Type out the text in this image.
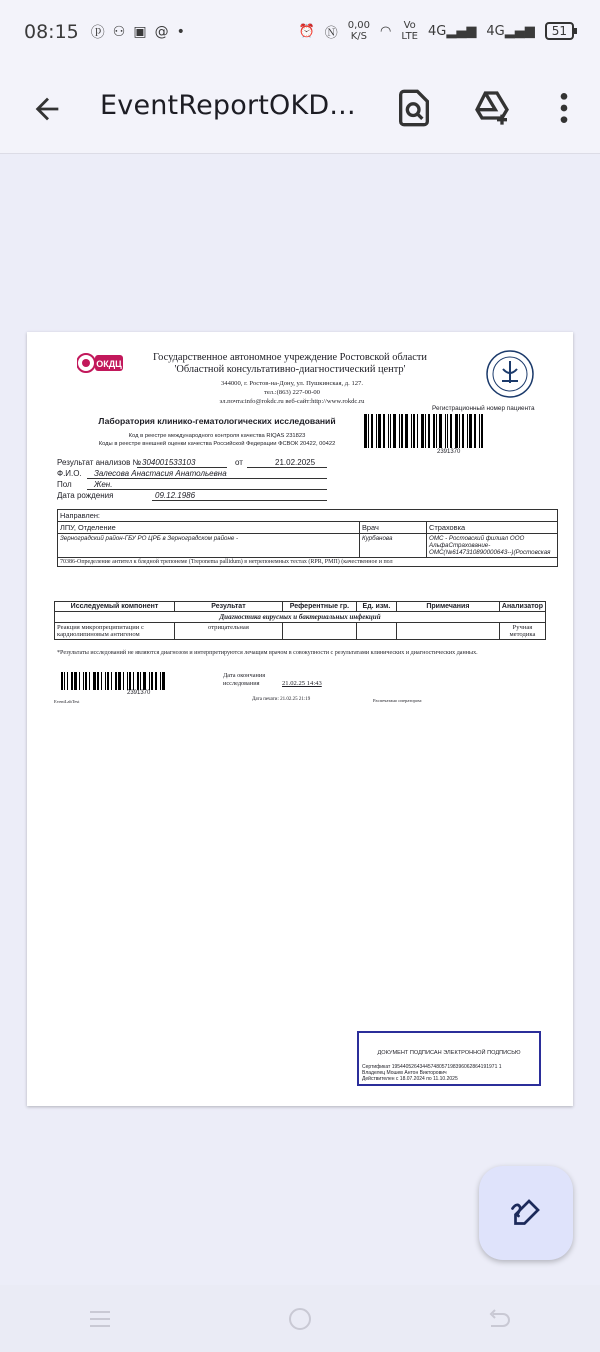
08:15 ⓟ ⚇ ▣ @ •	⏰ Ⓝ 0,00
K/S ◠ Vo
LTE 4G▂▄▆ 4G▂▄▆	51
EventReportOKD...
ОКДЦ
Государственное автономное учреждение Ростовской области
'Областной консультативно-диагностический центр'
344000, г. Ростов-на-Дону, ул. Пушкинская, д. 127.
тел.:(863) 227-00-00
эл.почта:info@rokdc.ru веб-сайт:http://www.rokdc.ru
Регистрационный номер пациента
2391370
Лаборатория клинико-гематологических исследований
Код в реестре международного контроля качества RIQAS 231823
Коды в реестре внешней оценки качества Российской Федерации ФСВОК 20422, 00422
Результат анализов № 304001533103	от	21.02.2025
Ф.И.О. Залесова Анастасия Анатольевна
Пол	Жен.
Дата рождения	09.12.1986
Направлен:		
ЛПУ, Отделение	Врач	Страховка
Зерноградский район-ГБУ РО ЦРБ в Зерноградском районе -	Курбанова	ОМС - Ростовский филиал ООО АльфаСтрахование-ОМС(№6147310890000643--)(Ростовская
70386-Определение антител к бледной трепонеме (Treponema pallidum) в нетрепонемных тестах (RPR, РМП) (качественное и пол		
Исследуемый компонент	Результат	Референтные гр.	Ед. изм.	Примечания	Анализатор
Диагностика вирусных и бактериальных инфекций					
Реакция микропреципитации с кардиолипиновым антигеном	отрицательная				Ручная методика
*Результаты исследований не являются диагнозом и интерпретируются лечащим врачом в совокупности с результатами клинических и диагностических данных.
2391370
Дата окончания исследования	21.02.25 14:43
EventLabTest	Дата печати: 21.02.25 21:19	Распечатано оператором:
ДОКУМЕНТ ПОДПИСАН ЭЛЕКТРОННОЙ ПОДПИСЬЮ
Сертификат 19544052643445748057198396062864191971 1
Владелец Мошев Антон Викторович
Действителен с 18.07.2024 по 11.10.2025
